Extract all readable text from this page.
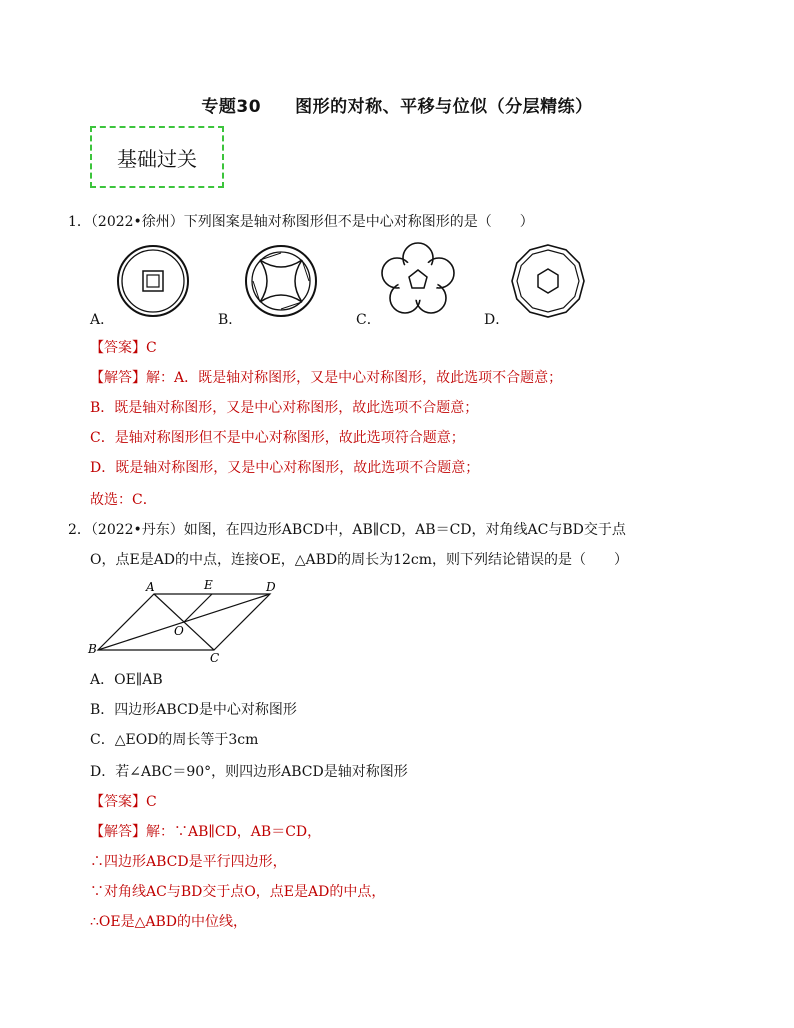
专题30 图形的对称、平移与位似（分层精练）
基础过关
1．（2022•徐州）下列图案是轴对称图形但不是中心对称图形的是（　　）
A．	B．	C．	D．
【答案】C
【解答】解：A．既是轴对称图形，又是中心对称图形，故此选项不合题意；
B．既是轴对称图形，又是中心对称图形，故此选项不合题意；
C．是轴对称图形但不是中心对称图形，故此选项符合题意；
D．既是轴对称图形，又是中心对称图形，故此选项不合题意；
故选：C．
2．（2022•丹东）如图，在四边形ABCD中，AB∥CD，AB＝CD，对角线AC与BD交于点
O，点E是AD的中点，连接OE，△ABD的周长为12cm，则下列结论错误的是（　　）
A	E	D
O
B
C
A．OE∥AB
B．四边形ABCD是中心对称图形
C．△EOD的周长等于3cm
D．若∠ABC＝90°，则四边形ABCD是轴对称图形
【答案】C
【解答】解：∵AB∥CD，AB＝CD，
∴四边形ABCD是平行四边形，
∵对角线AC与BD交于点O，点E是AD的中点，
∴OE是△ABD的中位线，
